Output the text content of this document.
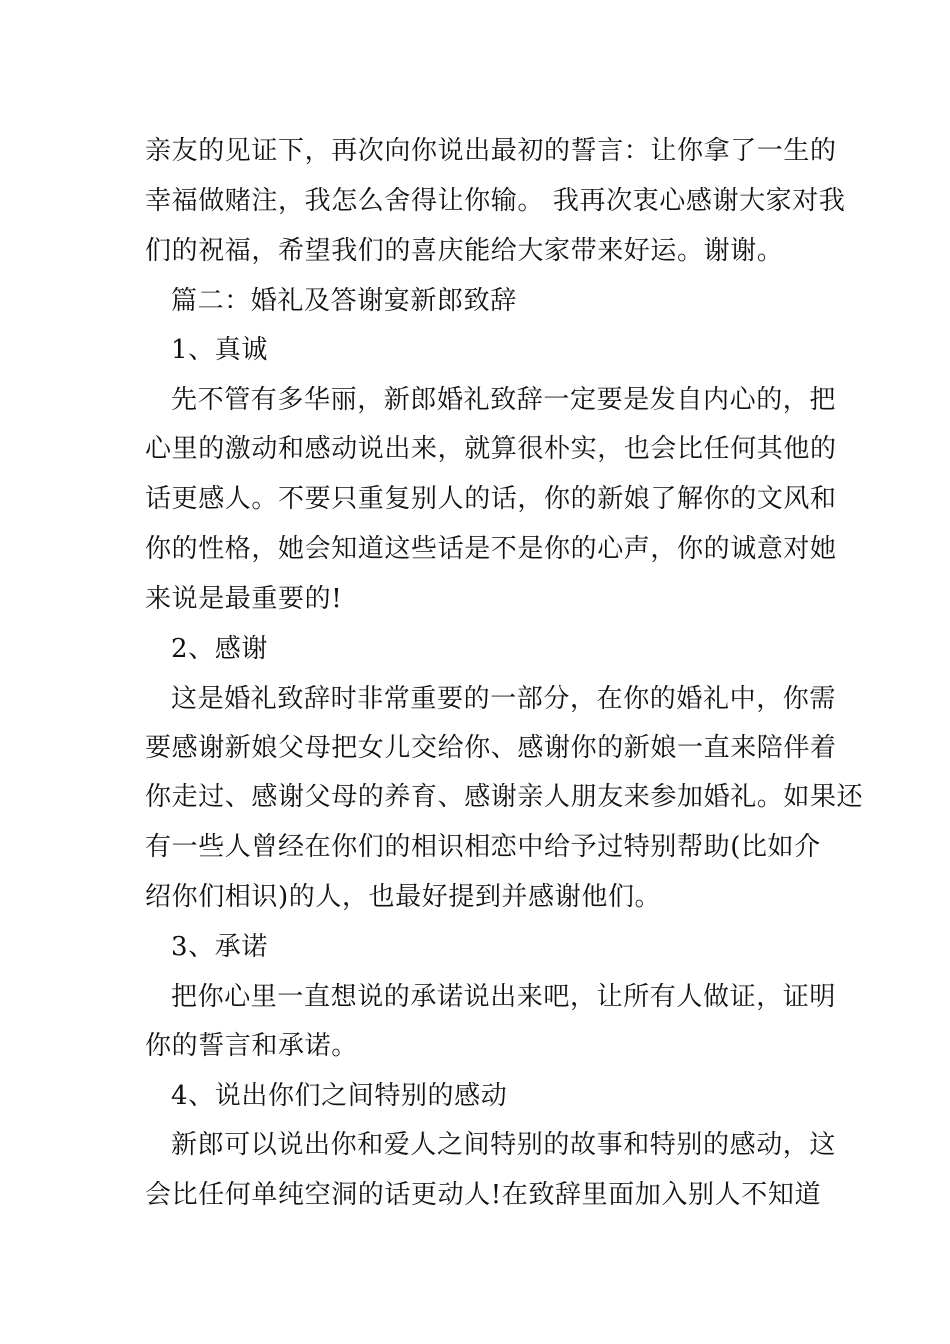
亲友的见证下，再次向你说出最初的誓言：让你拿了一生的
幸福做赌注，我怎么舍得让你输。 我再次衷心感谢大家对我
们的祝福，希望我们的喜庆能给大家带来好运。谢谢。
篇二：婚礼及答谢宴新郎致辞
1、真诚
先不管有多华丽，新郎婚礼致辞一定要是发自内心的，把
心里的激动和感动说出来，就算很朴实，也会比任何其他的
话更感人。不要只重复别人的话，你的新娘了解你的文风和
你的性格，她会知道这些话是不是你的心声，你的诚意对她
来说是最重要的!
2、感谢
这是婚礼致辞时非常重要的一部分，在你的婚礼中，你需
要感谢新娘父母把女儿交给你、感谢你的新娘一直来陪伴着
你走过、感谢父母的养育、感谢亲人朋友来参加婚礼。如果还
有一些人曾经在你们的相识相恋中给予过特别帮助(比如介
绍你们相识)的人，也最好提到并感谢他们。
3、承诺
把你心里一直想说的承诺说出来吧，让所有人做证，证明
你的誓言和承诺。
4、说出你们之间特别的感动
新郎可以说出你和爱人之间特别的故事和特别的感动，这
会比任何单纯空洞的话更动人!在致辞里面加入别人不知道
